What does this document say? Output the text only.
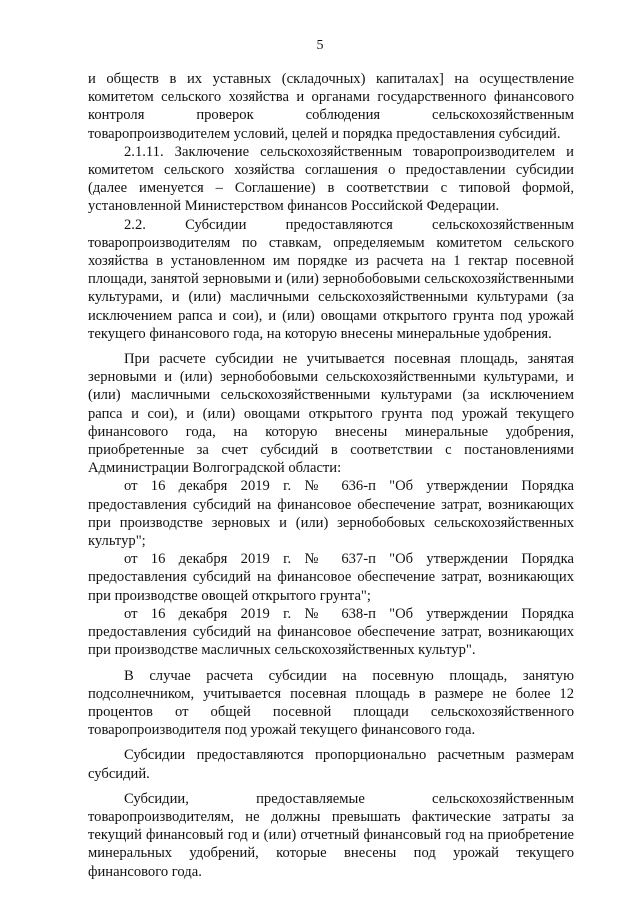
5

и обществ в их уставных (складочных) капиталах] на осуществление комитетом сельского хозяйства и органами государственного финансового контроля проверок соблюдения сельскохозяйственным товаропроизводителем условий, целей и порядка предоставления субсидий.

2.1.11. Заключение сельскохозяйственным товаропроизводителем и комитетом сельского хозяйства соглашения о предоставлении субсидии (далее именуется – Соглашение) в соответствии с типовой формой, установленной Министерством финансов Российской Федерации.

2.2. Субсидии предоставляются сельскохозяйственным товаропроизводителям по ставкам, определяемым комитетом сельского хозяйства в установленном им порядке из расчета на 1 гектар посевной площади, занятой зерновыми и (или) зернобобовыми сельскохозяйственными культурами, и (или) масличными сельскохозяйственными культурами (за исключением рапса и сои), и (или) овощами открытого грунта под урожай текущего финансового года, на которую внесены минеральные удобрения.

При расчете субсидии не учитывается посевная площадь, занятая зерновыми и (или) зернобобовыми сельскохозяйственными культурами, и (или) масличными сельскохозяйственными культурами (за исключением рапса и сои), и (или) овощами открытого грунта под урожай текущего финансового года, на которую внесены минеральные удобрения, приобретенные за счет субсидий в соответствии с постановлениями Администрации Волгоградской области:

от 16 декабря 2019 г. № 636-п "Об утверждении Порядка предоставления субсидий на финансовое обеспечение затрат, возникающих при производстве зерновых и (или) зернобобовых сельскохозяйственных культур";

от 16 декабря 2019 г. № 637-п "Об утверждении Порядка предоставления субсидий на финансовое обеспечение затрат, возникающих при производстве овощей открытого грунта";

от 16 декабря 2019 г. № 638-п "Об утверждении Порядка предоставления субсидий на финансовое обеспечение затрат, возникающих при производстве масличных сельскохозяйственных культур".

В случае расчета субсидии на посевную площадь, занятую подсолнечником, учитывается посевная площадь в размере не более 12 процентов от общей посевной площади сельскохозяйственного товаропроизводителя под урожай текущего финансового года.

Субсидии предоставляются пропорционально расчетным размерам субсидий.

Субсидии, предоставляемые сельскохозяйственным товаропроизводителям, не должны превышать фактические затраты за текущий финансовый год и (или) отчетный финансовый год на приобретение минеральных удобрений, которые внесены под урожай текущего финансового года.
